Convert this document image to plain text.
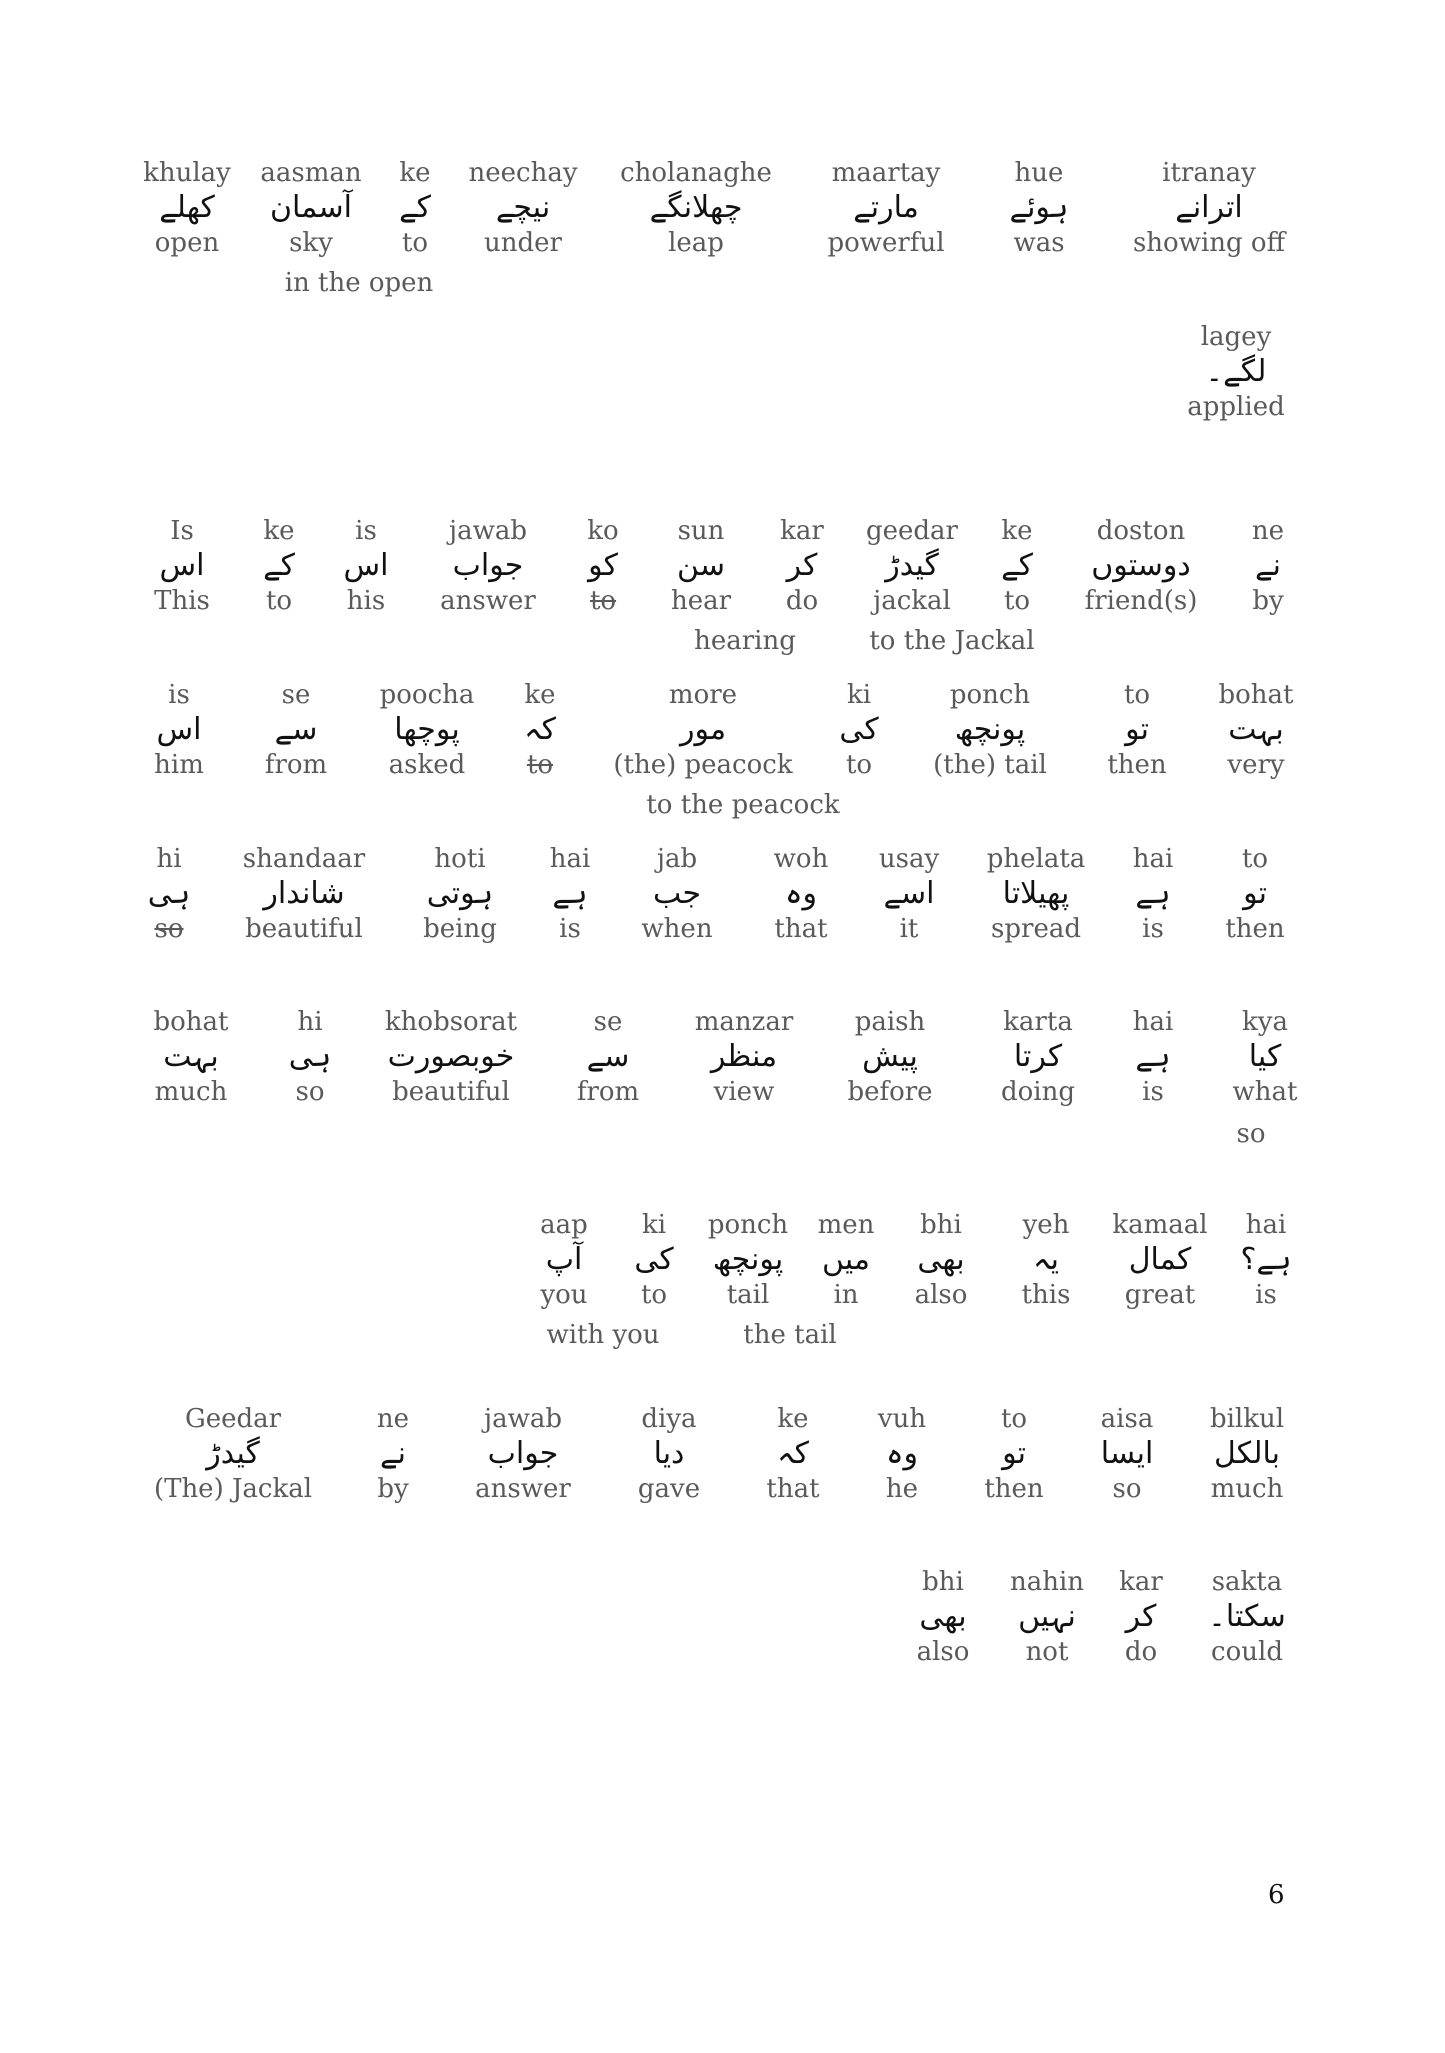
khulay
کھلے
open
aasman
آسمان
sky
ke
کے
to
neechay
نیچے
under
cholanaghe
چھلانگے
leap
maartay
مارتے
powerful
hue
ہوئے
was
itranay
اترانے
showing off
in the open
lagey
لگے۔
applied
Is
اس
This
ke
کے
to
is
اس
his
jawab
جواب
answer
ko
کو
to
sun
سن
hear
kar
کر
do
geedar
گیدڑ
jackal
ke
کے
to
doston
دوستوں
friend(s)
ne
نے
by
hearing	to the Jackal
is
اس
him
se
سے
from
poocha
پوچھا
asked
ke
کہ
to
more
مور
(the) peacock
ki
کی
to
ponch
پونچھ
(the) tail
to
تو
then
bohat
بہت
very
to the peacock
hi
ہی
so
shandaar
شاندار
beautiful
hoti
ہوتی
being
hai
ہے
is
jab
جب
when
woh
وہ
that
usay
اسے
it
phelata
پھیلاتا
spread
hai
ہے
is
to
تو
then
bohat
بہت
much
hi
ہی
so
khobsorat
خوبصورت
beautiful
se
سے
from
manzar
منظر
view
paish
پیش
before
karta
کرتا
doing
hai
ہے
is
kya
کیا
what
so
aap
آپ
you
ki
کی
to
ponch
پونچھ
tail
men
میں
in
bhi
بھی
also
yeh
یہ
this
kamaal
کمال
great
hai
ہے؟
is
with you	the tail
Geedar
گیدڑ
(The) Jackal
ne
نے
by
jawab
جواب
answer
diya
دیا
gave
ke
کہ
that
vuh
وہ
he
to
تو
then
aisa
ایسا
so
bilkul
بالکل
much
bhi
بھی
also
nahin
نہیں
not
kar
کر
do
sakta
سکتا۔
could
6
